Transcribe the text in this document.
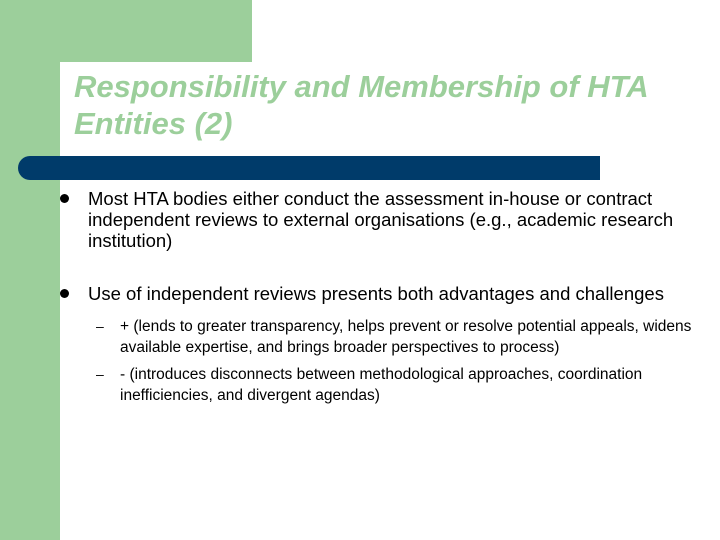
Responsibility and Membership of HTA Entities (2)
Most HTA bodies either conduct the assessment in-house or contract independent reviews to external organisations (e.g., academic research institution)
Use of independent reviews presents both advantages and challenges
– + (lends to greater transparency, helps prevent or resolve potential appeals, widens available expertise, and brings broader perspectives to process)
– - (introduces disconnects between methodological approaches, coordination inefficiencies, and divergent agendas)
